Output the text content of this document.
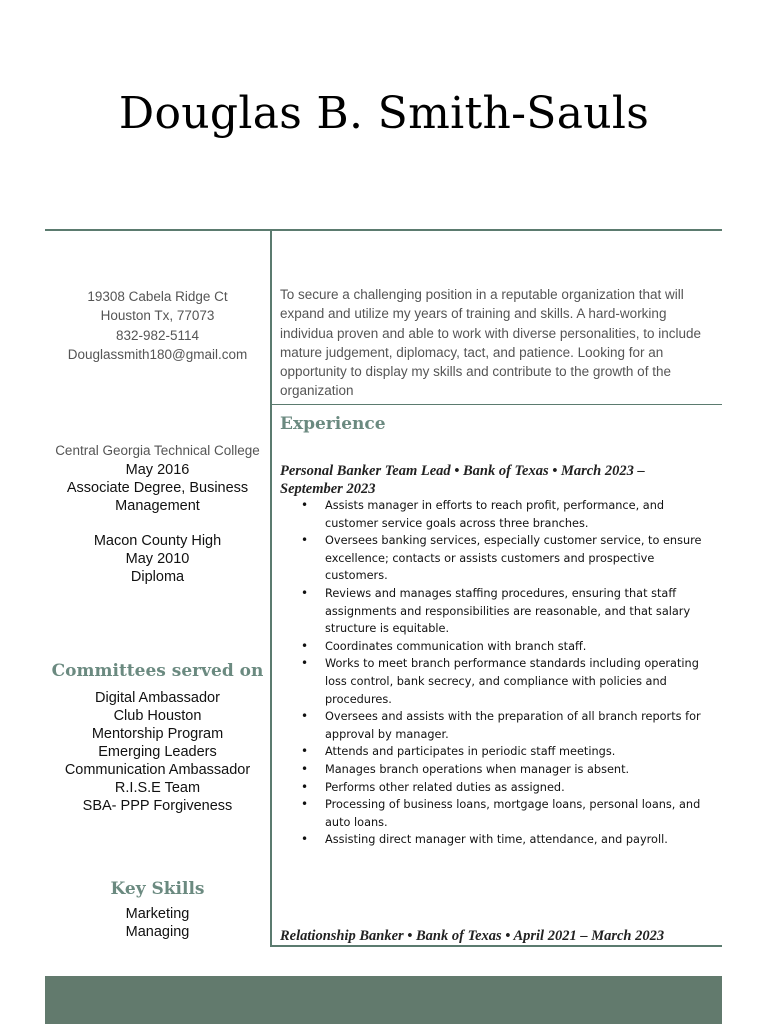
Douglas B. Smith-Sauls
19308 Cabela Ridge Ct
Houston Tx, 77073
832-982-5114
Douglassmith180@gmail.com
Central Georgia Technical College
May 2016
Associate Degree, Business Management
Macon County High
May 2010
Diploma
Committees served on
Digital Ambassador
Club Houston
Mentorship Program
Emerging Leaders
Communication Ambassador
R.I.S.E Team
SBA- PPP Forgiveness
Key Skills
Marketing
Managing
To secure a challenging position in a reputable organization that will expand and utilize my years of training and skills. A hard-working individua proven and able to work with diverse personalities, to include mature judgement, diplomacy, tact, and patience. Looking for an opportunity to display my skills and contribute to the growth of the organization
Experience
Personal Banker Team Lead • Bank of Texas • March 2023 – September 2023
• Assists manager in efforts to reach profit, performance, and customer service goals across three branches.
• Oversees banking services, especially customer service, to ensure excellence; contacts or assists customers and prospective customers.
• Reviews and manages staffing procedures, ensuring that staff assignments and responsibilities are reasonable, and that salary structure is equitable.
• Coordinates communication with branch staff.
• Works to meet branch performance standards including operating loss control, bank secrecy, and compliance with policies and procedures.
• Oversees and assists with the preparation of all branch reports for approval by manager.
• Attends and participates in periodic staff meetings.
• Manages branch operations when manager is absent.
• Performs other related duties as assigned.
• Processing of business loans, mortgage loans, personal loans, and auto loans.
• Assisting direct manager with time, attendance, and payroll.
Relationship Banker • Bank of Texas • April 2021 – March 2023
